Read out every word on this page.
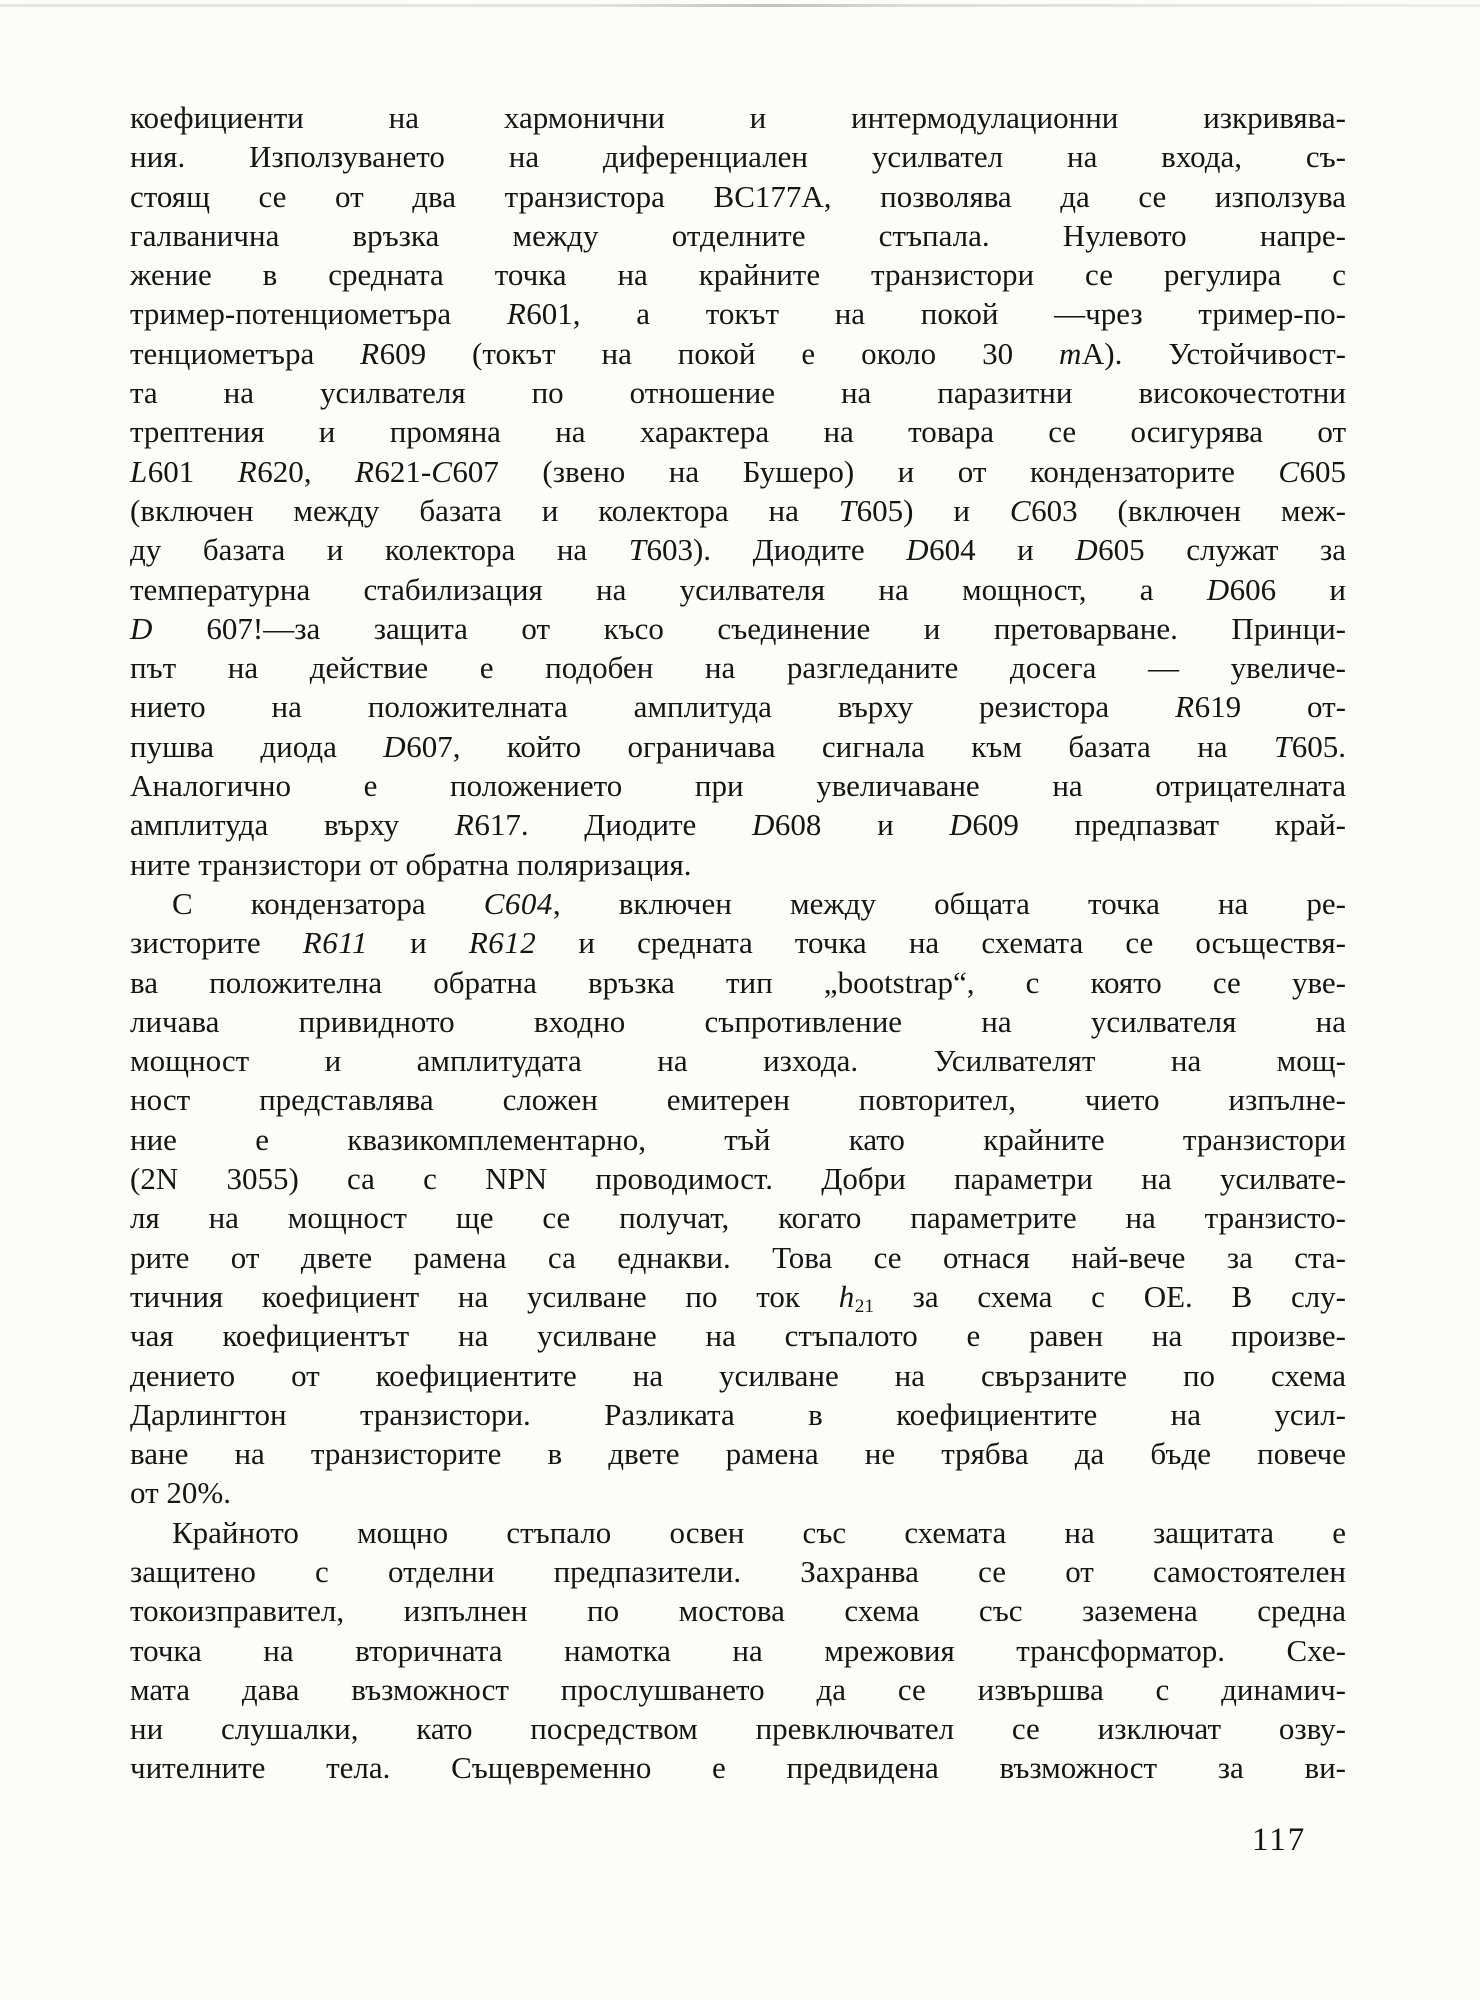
коефициенти на хармонични и интермодулационни изкривява-
ния. Използуването на диференциален усилвател на входа, съ-
стоящ се от два транзистора BC177A, позволява да се използува
галванична връзка между отделните стъпала. Нулевото напре-
жение в средната точка на крайните транзистори се регулира с
тример-потенциометъра R601, а токът на покой —чрез тример-по-
тенциометъра R609 (токът на покой е около 30 mA). Устойчивост-
та на усилвателя по отношение на паразитни високочестотни
трептения и промяна на характера на товара се осигурява от
L601 R620, R621-C607 (звено на Бушеро) и от кондензаторите C605
(включен между базата и колектора на T605) и C603 (включен меж-
ду базата и колектора на T603). Диодите D604 и D605 служат за
температурна стабилизация на усилвателя на мощност, а D606 и
D 607!—за защита от късо съединение и претоварване. Принци-
път на действие е подобен на разгледаните досега — увеличе-
нието на положителната амплитуда върху резистора R619 от-
пушва диода D607, който ограничава сигнала към базата на T605.
Аналогично е положението при увеличаване на отрицателната
амплитуда върху R617. Диодите D608 и D609 предпазват край-
ните транзистори от обратна поляризация.
С кондензатора C604, включен между общата точка на ре-
зисторите R611 и R612 и средната точка на схемата се осъществя-
ва положителна обратна връзка тип „bootstrap“, с която се уве-
личава привидното входно съпротивление на усилвателя на
мощност и амплитудата на изхода. Усилвателят на мощ-
ност представлява сложен емитерен повторител, чието изпълне-
ние е квазикомплементарно, тъй като крайните транзистори
(2N 3055) са с NPN проводимост. Добри параметри на усилвате-
ля на мощност ще се получат, когато параметрите на транзисто-
рите от двете рамена са еднакви. Това се отнася най-вече за ста-
тичния коефициент на усилване по ток $h_{21}$ за схема с ОЕ. В слу-
чая коефициентът на усилване на стъпалото е равен на произве-
дението от коефициентите на усилване на свързаните по схема
Дарлингтон транзистори. Разликата в коефициентите на усил-
ване на транзисторите в двете рамена не трябва да бъде повече
от 20%.
Крайното мощно стъпало освен със схемата на защитата е
защитено с отделни предпазители. Захранва се от самостоятелен
токоизправител, изпълнен по мостова схема със заземена средна
точка на вторичната намотка на мрежовия трансформатор. Схе-
мата дава възможност прослушването да се извършва с динамич-
ни слушалки, като посредством превключвател се изключат озву-
чителните тела. Същевременно е предвидена възможност за ви-
117
